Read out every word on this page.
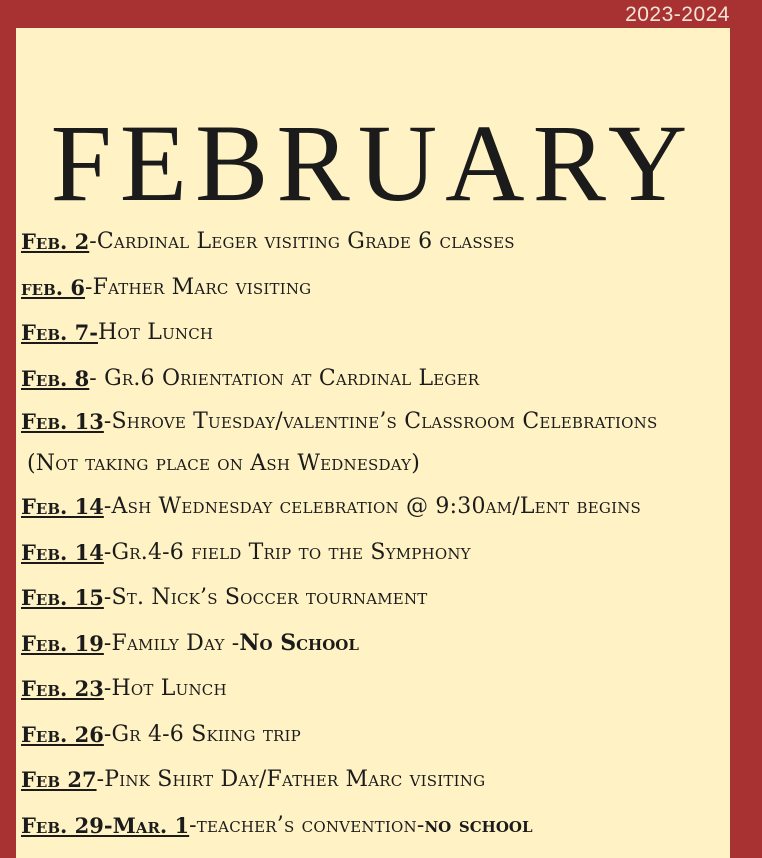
2023-2024
FEBRUARY
Feb. 2 -Cardinal Leger visiting Grade 6 classes
feb. 6 -Father Marc visiting
Feb. 7- Hot Lunch
Feb. 8 - Gr.6 Orientation at Cardinal Leger
Feb. 13 -Shrove Tuesday/valentine’s Classroom Celebrations
(Not taking place on Ash Wednesday)
Feb. 14 -Ash Wednesday celebration @ 9:30am/Lent begins
Feb. 14 -Gr.4-6 field Trip to the Symphony
Feb. 15 -St. Nick’s Soccer tournament
Feb. 19 -Family Day - No School
Feb. 23 -Hot Lunch
Feb. 26 -Gr 4-6 Skiing trip
Feb 27 -Pink Shirt Day/Father Marc visiting
Feb. 29-Mar. 1 -teacher’s convention- no school
